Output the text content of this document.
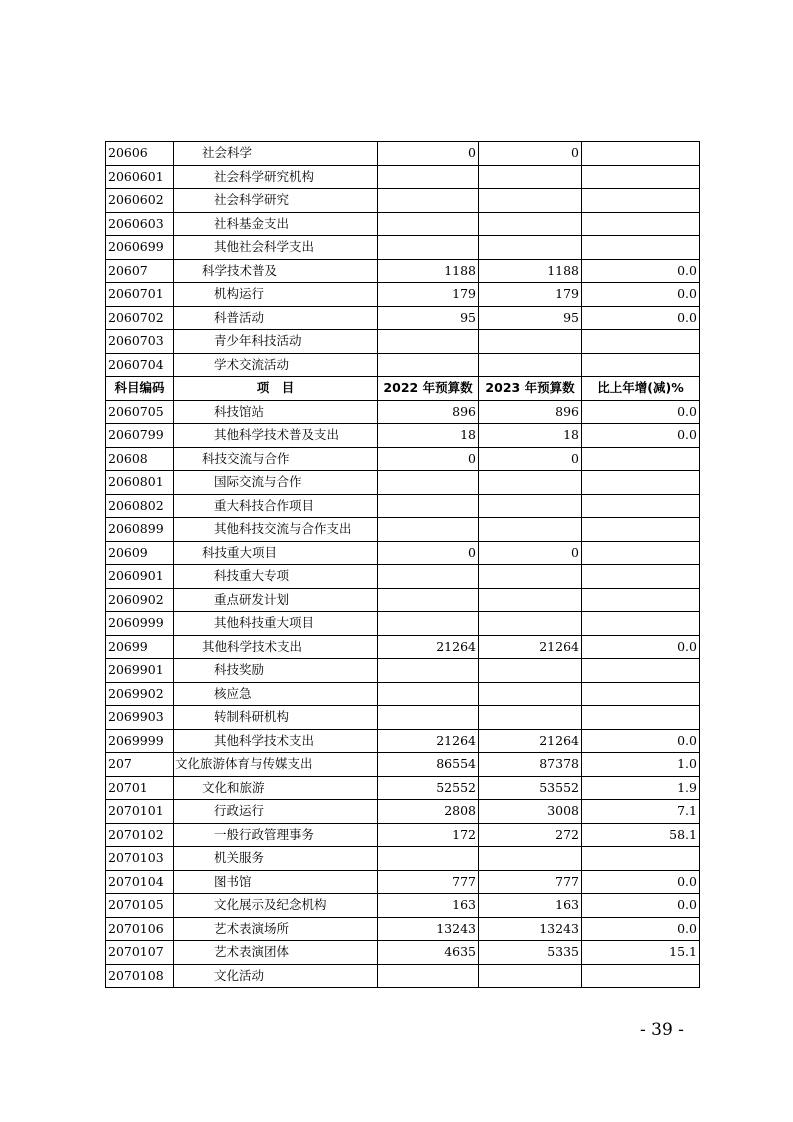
20606	社会科学	0	0	
2060601	社会科学研究机构			
2060602	社会科学研究			
2060603	社科基金支出			
2060699	其他社会科学支出			
20607	科学技术普及	1188	1188	0.0
2060701	机构运行	179	179	0.0
2060702	科普活动	95	95	0.0
2060703	青少年科技活动			
2060704	学术交流活动			
科目编码	项　目	2022 年预算数	2023 年预算数	比上年增(减)%
2060705	科技馆站	896	896	0.0
2060799	其他科学技术普及支出	18	18	0.0
20608	科技交流与合作	0	0	
2060801	国际交流与合作			
2060802	重大科技合作项目			
2060899	其他科技交流与合作支出			
20609	科技重大项目	0	0	
2060901	科技重大专项			
2060902	重点研发计划			
2060999	其他科技重大项目			
20699	其他科学技术支出	21264	21264	0.0
2069901	科技奖励			
2069902	核应急			
2069903	转制科研机构			
2069999	其他科学技术支出	21264	21264	0.0
207	文化旅游体育与传媒支出	86554	87378	1.0
20701	文化和旅游	52552	53552	1.9
2070101	行政运行	2808	3008	7.1
2070102	一般行政管理事务	172	272	58.1
2070103	机关服务			
2070104	图书馆	777	777	0.0
2070105	文化展示及纪念机构	163	163	0.0
2070106	艺术表演场所	13243	13243	0.0
2070107	艺术表演团体	4635	5335	15.1
2070108	文化活动			
- 39 -
